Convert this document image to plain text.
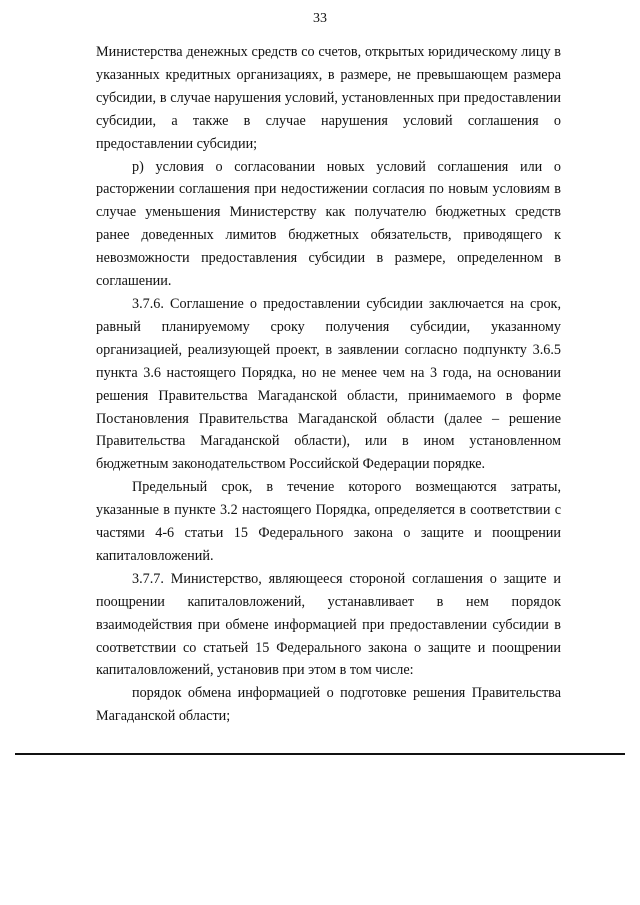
33

Министерства денежных средств со счетов, открытых юридическому лицу в указанных кредитных организациях, в размере, не превышающем размера субсидии, в случае нарушения условий, установленных при предоставлении субсидии, а также в случае нарушения условий соглашения о предоставлении субсидии;

р) условия о согласовании новых условий соглашения или о расторжении соглашения при недостижении согласия по новым условиям в случае уменьшения Министерству как получателю бюджетных средств ранее доведенных лимитов бюджетных обязательств, приводящего к невозможности предоставления субсидии в размере, определенном в соглашении.

3.7.6. Соглашение о предоставлении субсидии заключается на срок, равный планируемому сроку получения субсидии, указанному организацией, реализующей проект, в заявлении согласно подпункту 3.6.5 пункта 3.6 настоящего Порядка, но не менее чем на 3 года, на основании решения Правительства Магаданской области, принимаемого в форме Постановления Правительства Магаданской области (далее – решение Правительства Магаданской области), или в ином установленном бюджетным законодательством Российской Федерации порядке.

Предельный срок, в течение которого возмещаются затраты, указанные в пункте 3.2 настоящего Порядка, определяется в соответствии с частями 4-6 статьи 15 Федерального закона о защите и поощрении капиталовложений.

3.7.7. Министерство, являющееся стороной соглашения о защите и поощрении капиталовложений, устанавливает в нем порядок взаимодействия при обмене информацией при предоставлении субсидии в соответствии со статьей 15 Федерального закона о защите и поощрении капиталовложений, установив при этом в том числе:

порядок обмена информацией о подготовке решения Правительства Магаданской области;
